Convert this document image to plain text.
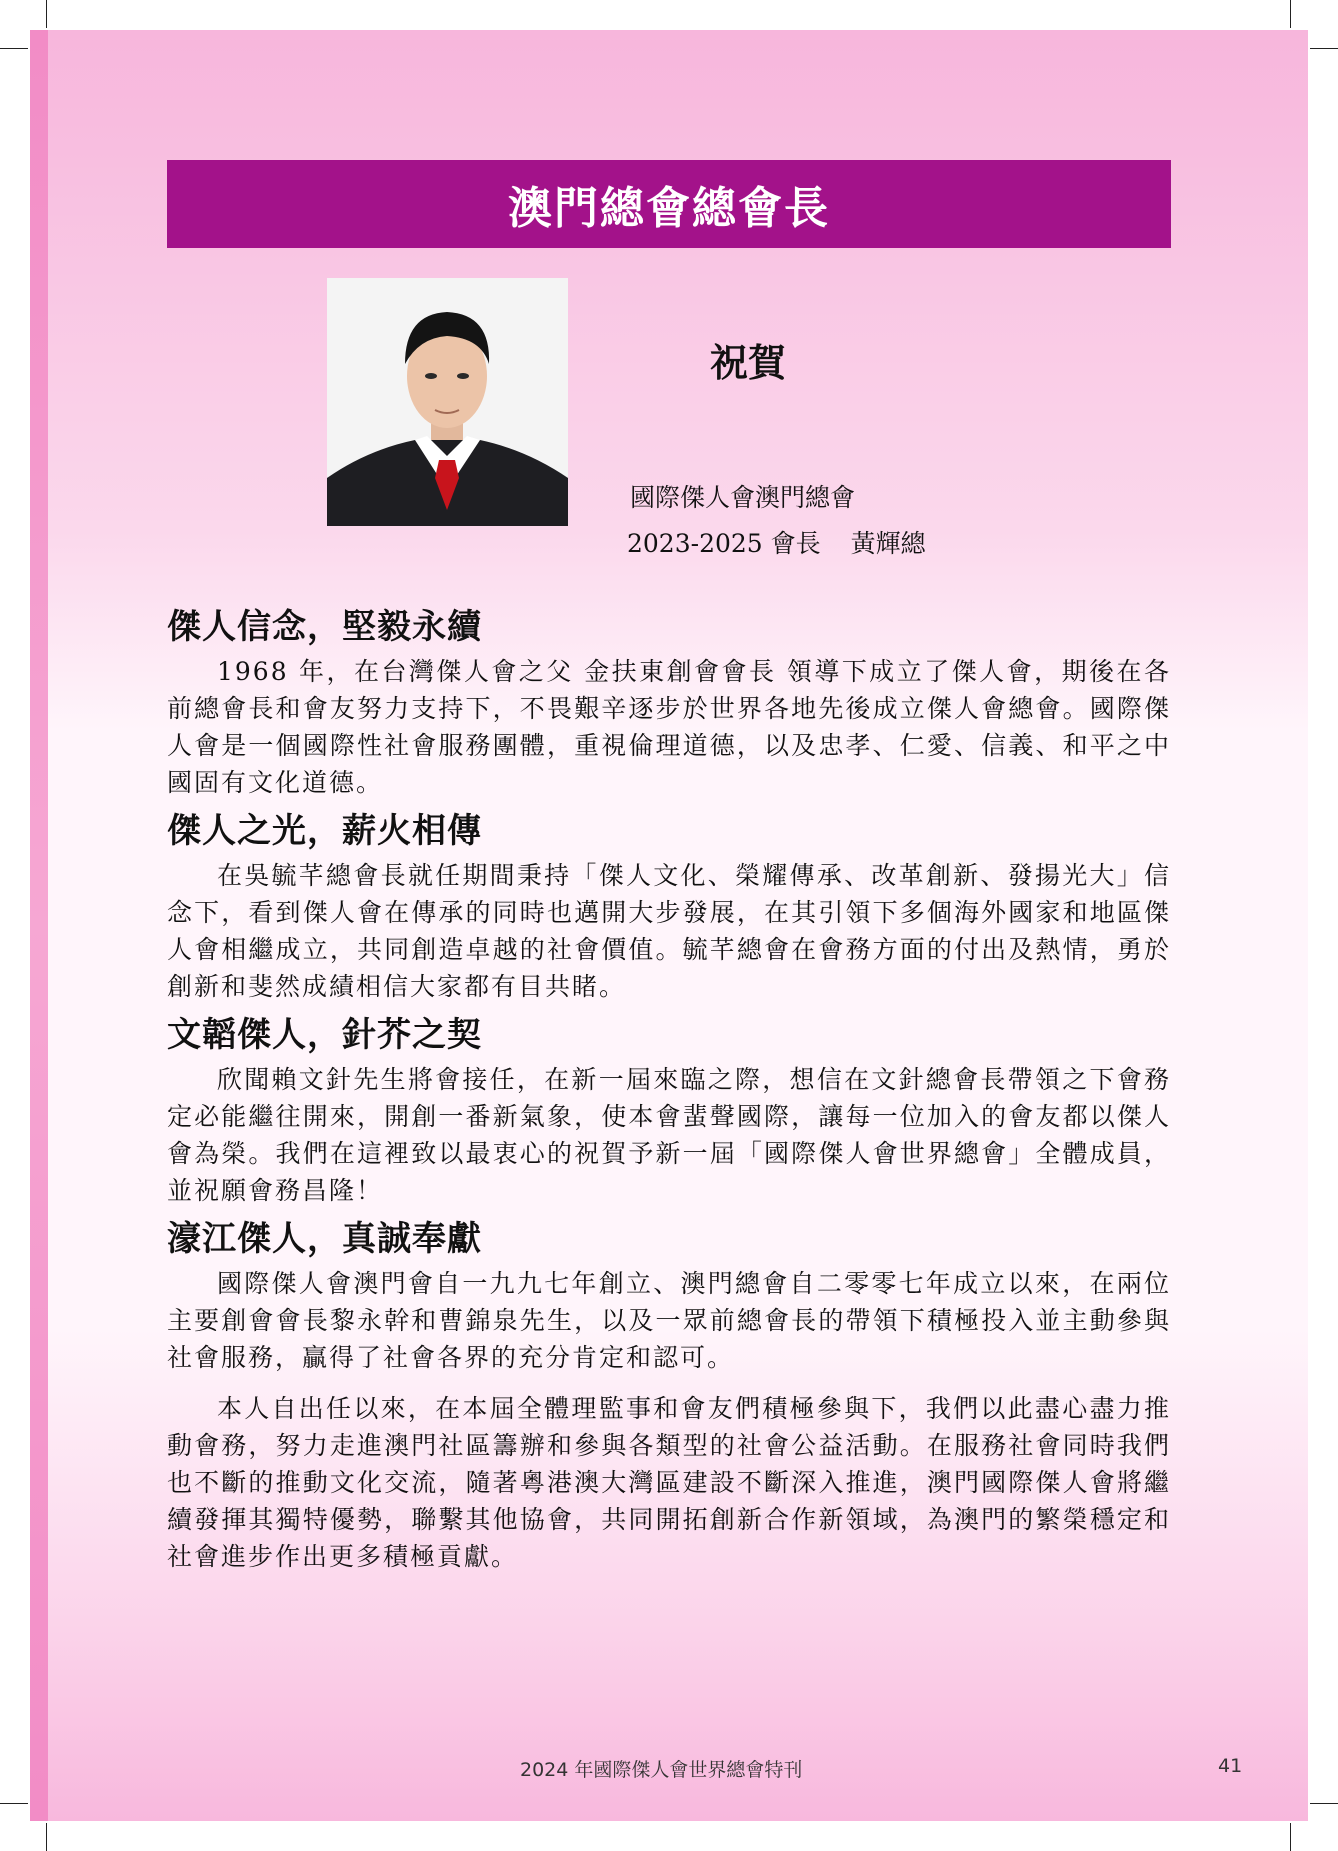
澳門總會總會長
祝賀
國際傑人會澳門總會
2023-2025 會長 黃輝總
傑人信念，堅毅永續

1968 年，在台灣傑人會之父 金扶東創會會長 領導下成立了傑人會，期後在各前總會長和會友努力支持下，不畏艱辛逐步於世界各地先後成立傑人會總會。國際傑人會是一個國際性社會服務團體，重視倫理道德，以及忠孝、仁愛、信義、和平之中國固有文化道德。

傑人之光，薪火相傳

在吳毓芊總會長就任期間秉持「傑人文化、榮耀傳承、改革創新、發揚光大」信念下，看到傑人會在傳承的同時也邁開大步發展，在其引領下多個海外國家和地區傑人會相繼成立，共同創造卓越的社會價值。毓芊總會在會務方面的付出及熱情，勇於創新和斐然成績相信大家都有目共睹。

文韜傑人，針芥之契

欣聞賴文針先生將會接任，在新一屆來臨之際，想信在文針總會長帶領之下會務定必能繼往開來，開創一番新氣象，使本會蜚聲國際，讓每一位加入的會友都以傑人會為榮。我們在這裡致以最衷心的祝賀予新一屆「國際傑人會世界總會」全體成員，並祝願會務昌隆！

濠江傑人，真誠奉獻

國際傑人會澳門會自一九九七年創立、澳門總會自二零零七年成立以來，在兩位主要創會會長黎永幹和曹錦泉先生，以及一眾前總會長的帶領下積極投入並主動參與社會服務，贏得了社會各界的充分肯定和認可。

本人自出任以來，在本屆全體理監事和會友們積極參與下，我們以此盡心盡力推動會務，努力走進澳門社區籌辦和參與各類型的社會公益活動。在服務社會同時我們也不斷的推動文化交流，隨著粵港澳大灣區建設不斷深入推進，澳門國際傑人會將繼續發揮其獨特優勢，聯繫其他協會，共同開拓創新合作新領域，為澳門的繁榮穩定和社會進步作出更多積極貢獻。

2024 年國際傑人會世界總會特刊	41
